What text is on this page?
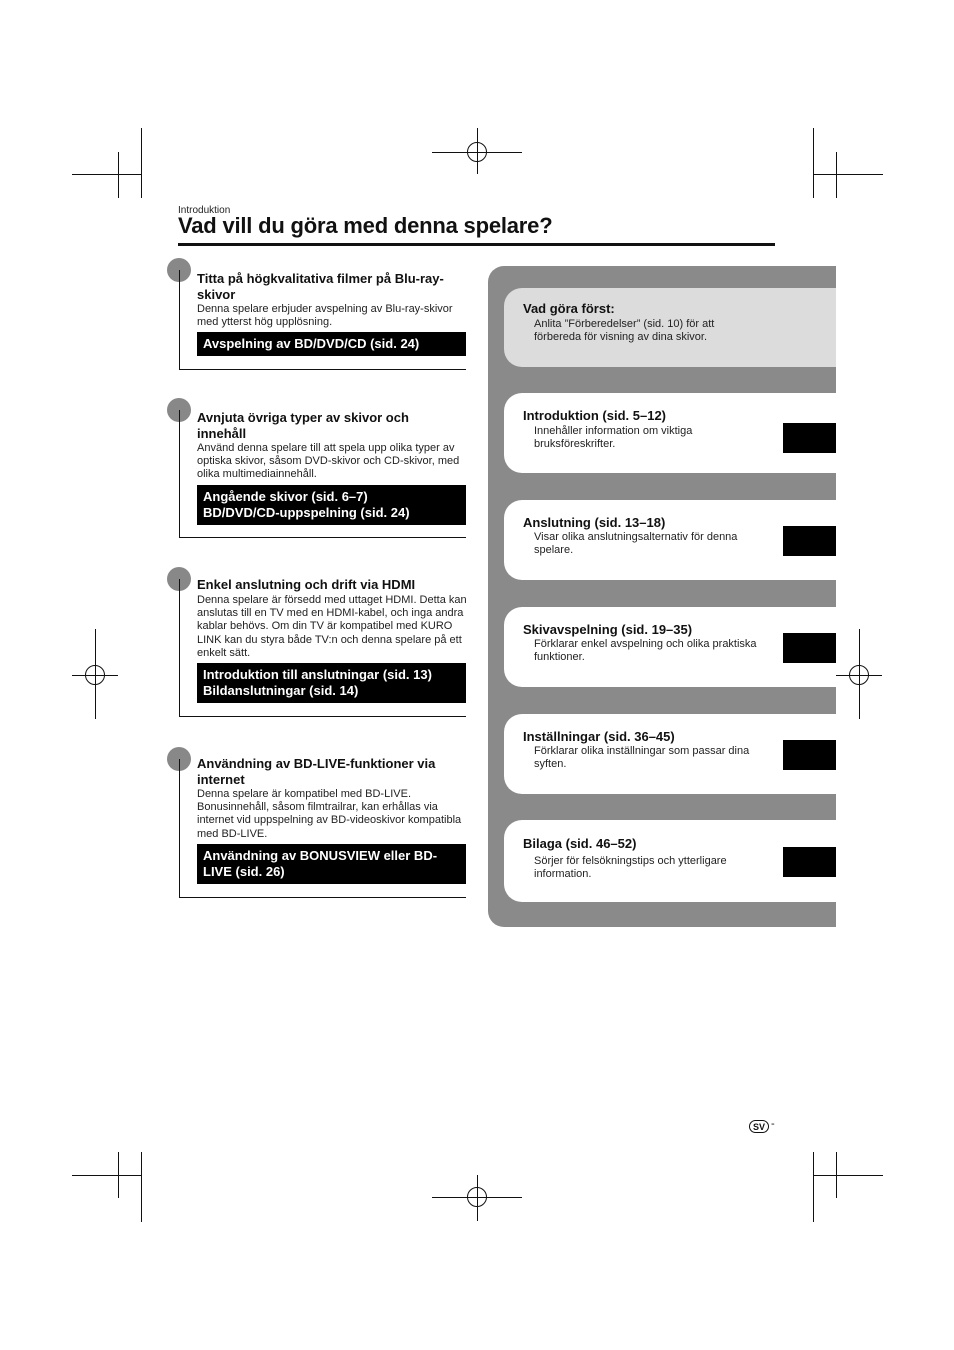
Introduktion
Vad vill du göra med denna spelare?
Titta på högkvalitativa filmer på Blu-ray-skivor
Denna spelare erbjuder avspelning av Blu-ray-skivor med ytterst hög upplösning.
Avspelning av BD/DVD/CD (sid. 24)
Avnjuta övriga typer av skivor och innehåll
Använd denna spelare till att spela upp olika typer av optiska skivor, såsom DVD-skivor och CD-skivor, med olika multimediainnehåll.
Angående skivor (sid. 6–7)
BD/DVD/CD-uppspelning (sid. 24)
Enkel anslutning och drift via HDMI
Denna spelare är försedd med uttaget HDMI. Detta kan anslutas till en TV med en HDMI-kabel, och inga andra kablar behövs. Om din TV är kompatibel med KURO LINK kan du styra både TV:n och denna spelare på ett enkelt sätt.
Introduktion till anslutningar (sid. 13)
Bildanslutningar (sid. 14)
Användning av BD-LIVE-funktioner via internet
Denna spelare är kompatibel med BD-LIVE. Bonusinnehåll, såsom filmtrailrar, kan erhållas via internet vid uppspelning av BD-videoskivor kompatibla med BD-LIVE.
Användning av BONUSVIEW eller BD-LIVE (sid. 26)
Vad göra först:
Anlita ”Förberedelser” (sid. 10) för att förbereda för visning av dina skivor.
Introduktion (sid. 5–12)
Innehåller information om viktiga bruksföreskrifter.
Anslutning (sid. 13–18)
Visar olika anslutningsalternativ för denna spelare.
Skivavspelning (sid. 19–35)
Förklarar enkel avspelning och olika praktiska funktioner.
Inställningar (sid. 36–45)
Förklarar olika inställningar som passar dina syften.
Bilaga (sid. 46–52)
Sörjer för felsökningstips och ytterligare information.
SV -
